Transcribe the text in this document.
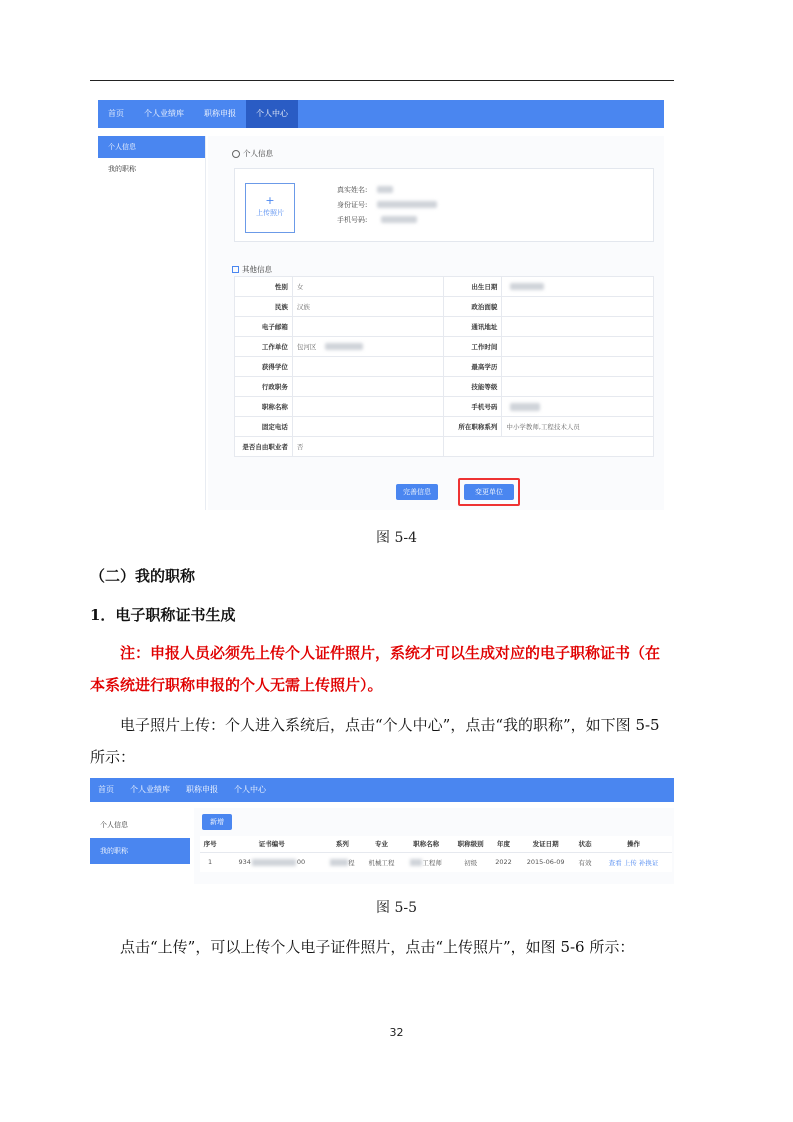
首页	个人业绩库	职称申报	个人中心
个人信息
我的职称
个人信息
+
上传照片
真实姓名:
身份证号:
手机号码:
其他信息
性别	女	出生日期	

民族	汉族	政治面貌	
电子邮箱		通讯地址	
工作单位	包河区	工作时间	
获得学位		最高学历	
行政职务		技能等级	
职称名称		手机号码	

固定电话		所在职称系列	中小学教师,工程技术人员
是否自由职业者	否		
完善信息	变更单位
图 5-4
（二）我的职称
1．电子职称证书生成
注：申报人员必须先上传个人证件照片，系统才可以生成对应的电子职称证书（在本系统进行职称申报的个人无需上传照片）。
电子照片上传：个人进入系统后，点击“个人中心”，点击“我的职称”，如下图 5-5 所示：
首页	个人业绩库	职称申报	个人中心
个人信息
我的职称
新增
序号	证书编号	系列	专业	职称名称	职称级别	年度	发证日期	状态	操作
1	934 00	程	机械工程	工程师	初级	2022	2015-06-09	有效	查看 上传 补换证
图 5-5
点击“上传”，可以上传个人电子证件照片，点击“上传照片”，如图 5-6 所示：
32
